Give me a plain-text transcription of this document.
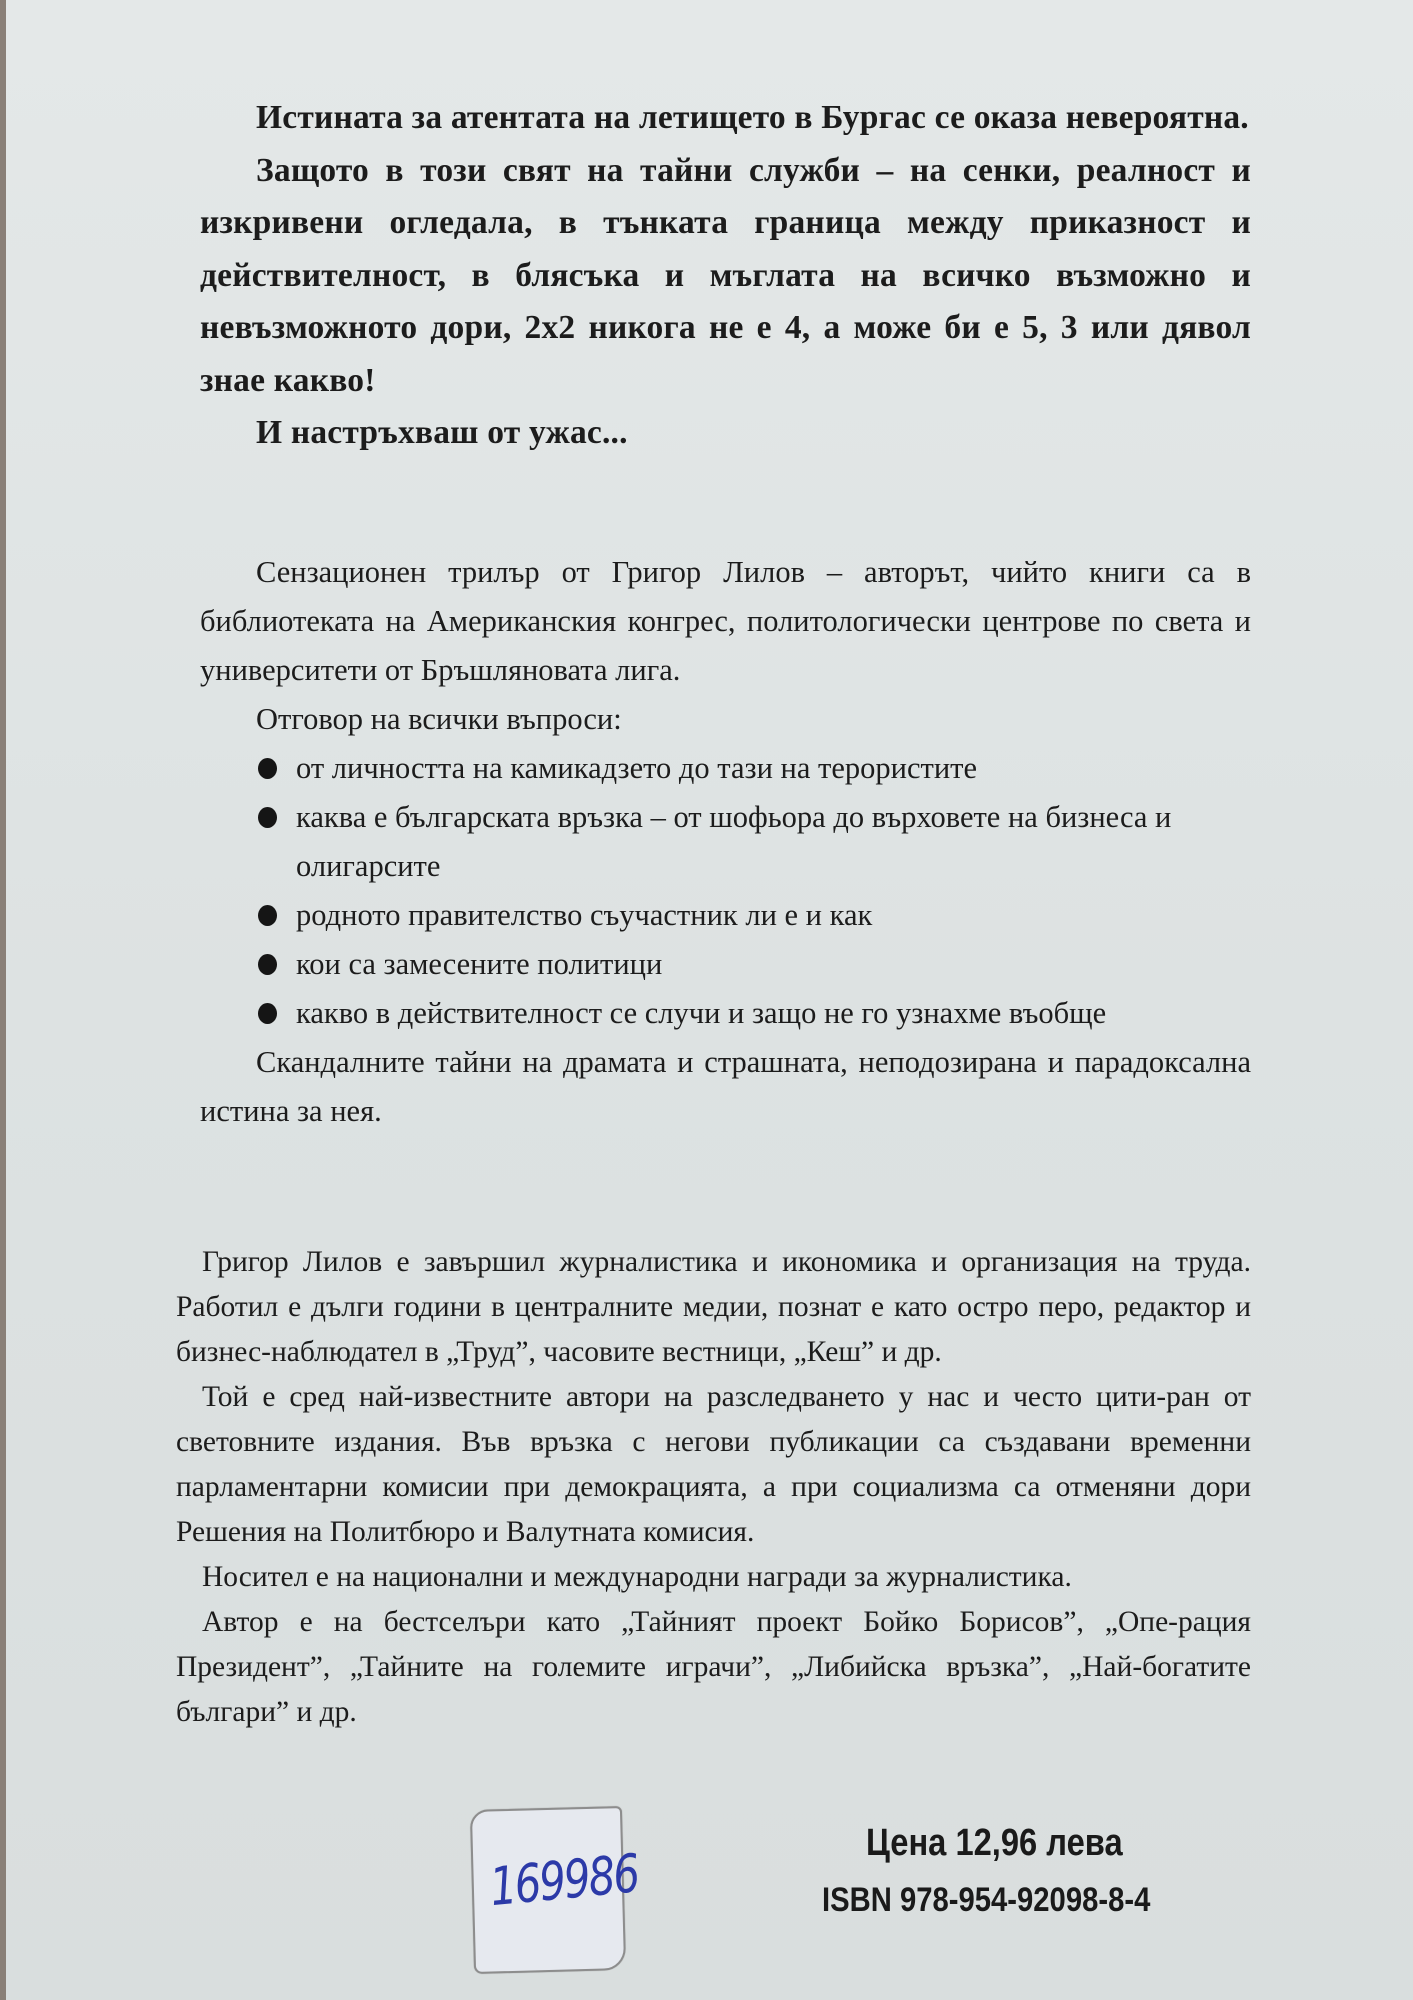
Истината за атентата на летището в Бургас се оказа невероятна.

Защото в този свят на тайни служби – на сенки, реалност и изкривени огледала, в тънката граница между приказност и действителност, в блясъка и мъглата на всичко възможно и невъзможното дори, 2х2 никога не е 4, а може би е 5, 3 или дявол знае какво!

И настръхваш от ужас...

Сензационен трилър от Григор Лилов – авторът, чийто книги са в библиотеката на Американския конгрес, политологически центрове по света и университети от Бръшляновата лига.

Отговор на всички въпроси:

от личността на камикадзето до тази на терористите
каква е българската връзка – от шофьора до върховете на бизнеса и олигарсите
родното правителство съучастник ли е и как
кои са замесените политици
какво в действителност се случи и защо не го узнахме въобще

Скандалните тайни на драмата и страшната, неподозирана и парадоксална истина за нея.

Григор Лилов е завършил журналистика и икономика и организация на труда. Работил е дълги години в централните медии, познат е като остро перо, редактор и бизнес-наблюдател в „Труд”, часовите вестници, „Кеш” и др.

Той е сред най-известните автори на разследването у нас и често цити-ран от световните издания. Във връзка с негови публикации са създавани временни парламентарни комисии при демокрацията, а при социализма са отменяни дори Решения на Политбюро и Валутната комисия.

Носител е на национални и международни награди за журналистика.

Автор е на бестселъри като „Тайният проект Бойко Борисов”, „Опе-рация Президент”, „Тайните на големите играчи”, „Либийска връзка”, „Най-богатите българи” и др.

169986	Цена 12,96 лева
ISBN 978-954-92098-8-4
